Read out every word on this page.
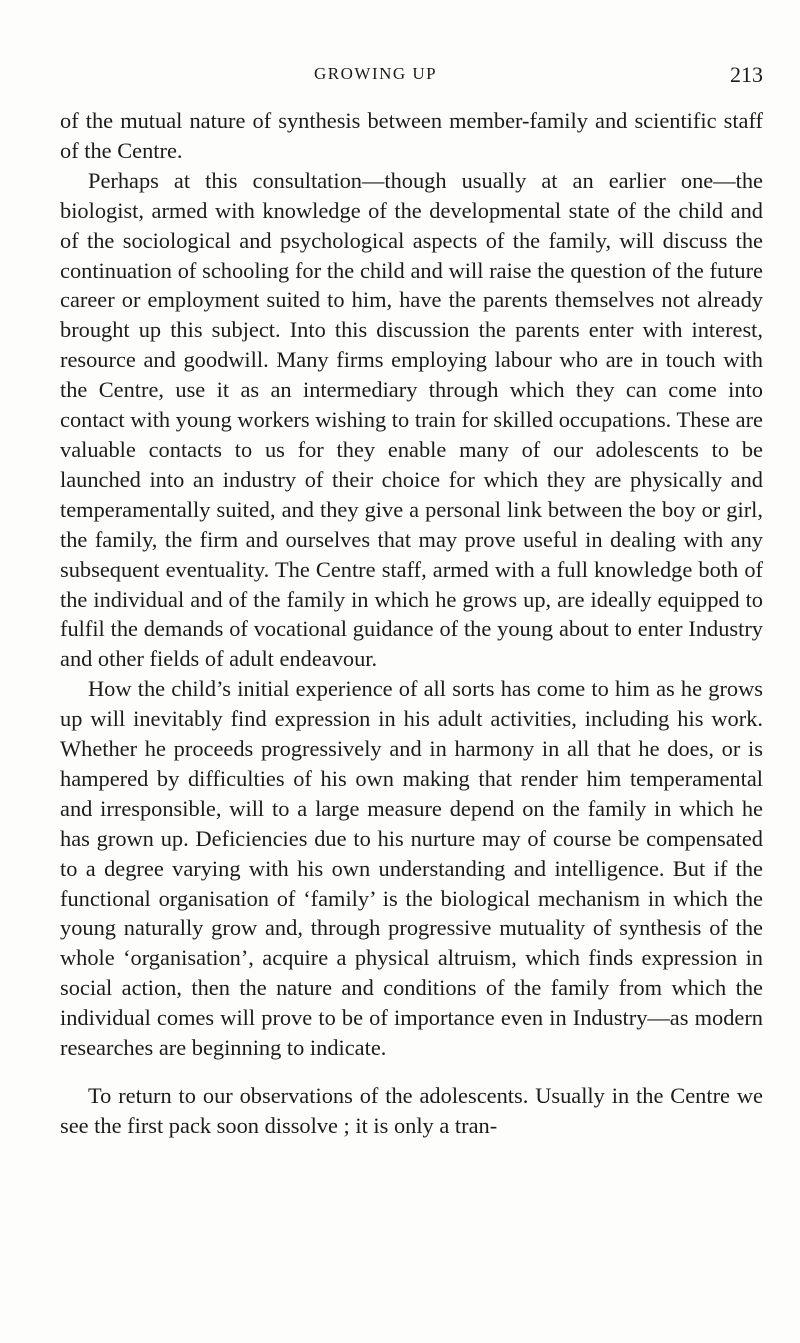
GROWING UP	213

of the mutual nature of synthesis between member-family and scientific staff of the Centre.

Perhaps at this consultation—though usually at an earlier one—the biologist, armed with knowledge of the developmental state of the child and of the sociological and psychological aspects of the family, will discuss the continuation of schooling for the child and will raise the question of the future career or employment suited to him, have the parents themselves not already brought up this subject. Into this discussion the parents enter with interest, resource and goodwill. Many firms employing labour who are in touch with the Centre, use it as an intermediary through which they can come into contact with young workers wishing to train for skilled occupations. These are valuable contacts to us for they enable many of our adolescents to be launched into an industry of their choice for which they are physically and temperamentally suited, and they give a personal link between the boy or girl, the family, the firm and ourselves that may prove useful in dealing with any subsequent eventuality. The Centre staff, armed with a full knowledge both of the individual and of the family in which he grows up, are ideally equipped to fulfil the demands of vocational guidance of the young about to enter Industry and other fields of adult endeavour.

How the child’s initial experience of all sorts has come to him as he grows up will inevitably find expression in his adult activities, including his work. Whether he proceeds progressively and in harmony in all that he does, or is hampered by difficulties of his own making that render him temperamental and irresponsible, will to a large measure depend on the family in which he has grown up. Deficiencies due to his nurture may of course be compensated to a degree varying with his own understanding and intelligence. But if the functional organisation of ‘family’ is the biological mechanism in which the young naturally grow and, through progressive mutuality of synthesis of the whole ‘organisation’, acquire a physical altruism, which finds expression in social action, then the nature and conditions of the family from which the individual comes will prove to be of importance even in Industry—as modern researches are beginning to indicate.

To return to our observations of the adolescents. Usually in the Centre we see the first pack soon dissolve ; it is only a tran-
